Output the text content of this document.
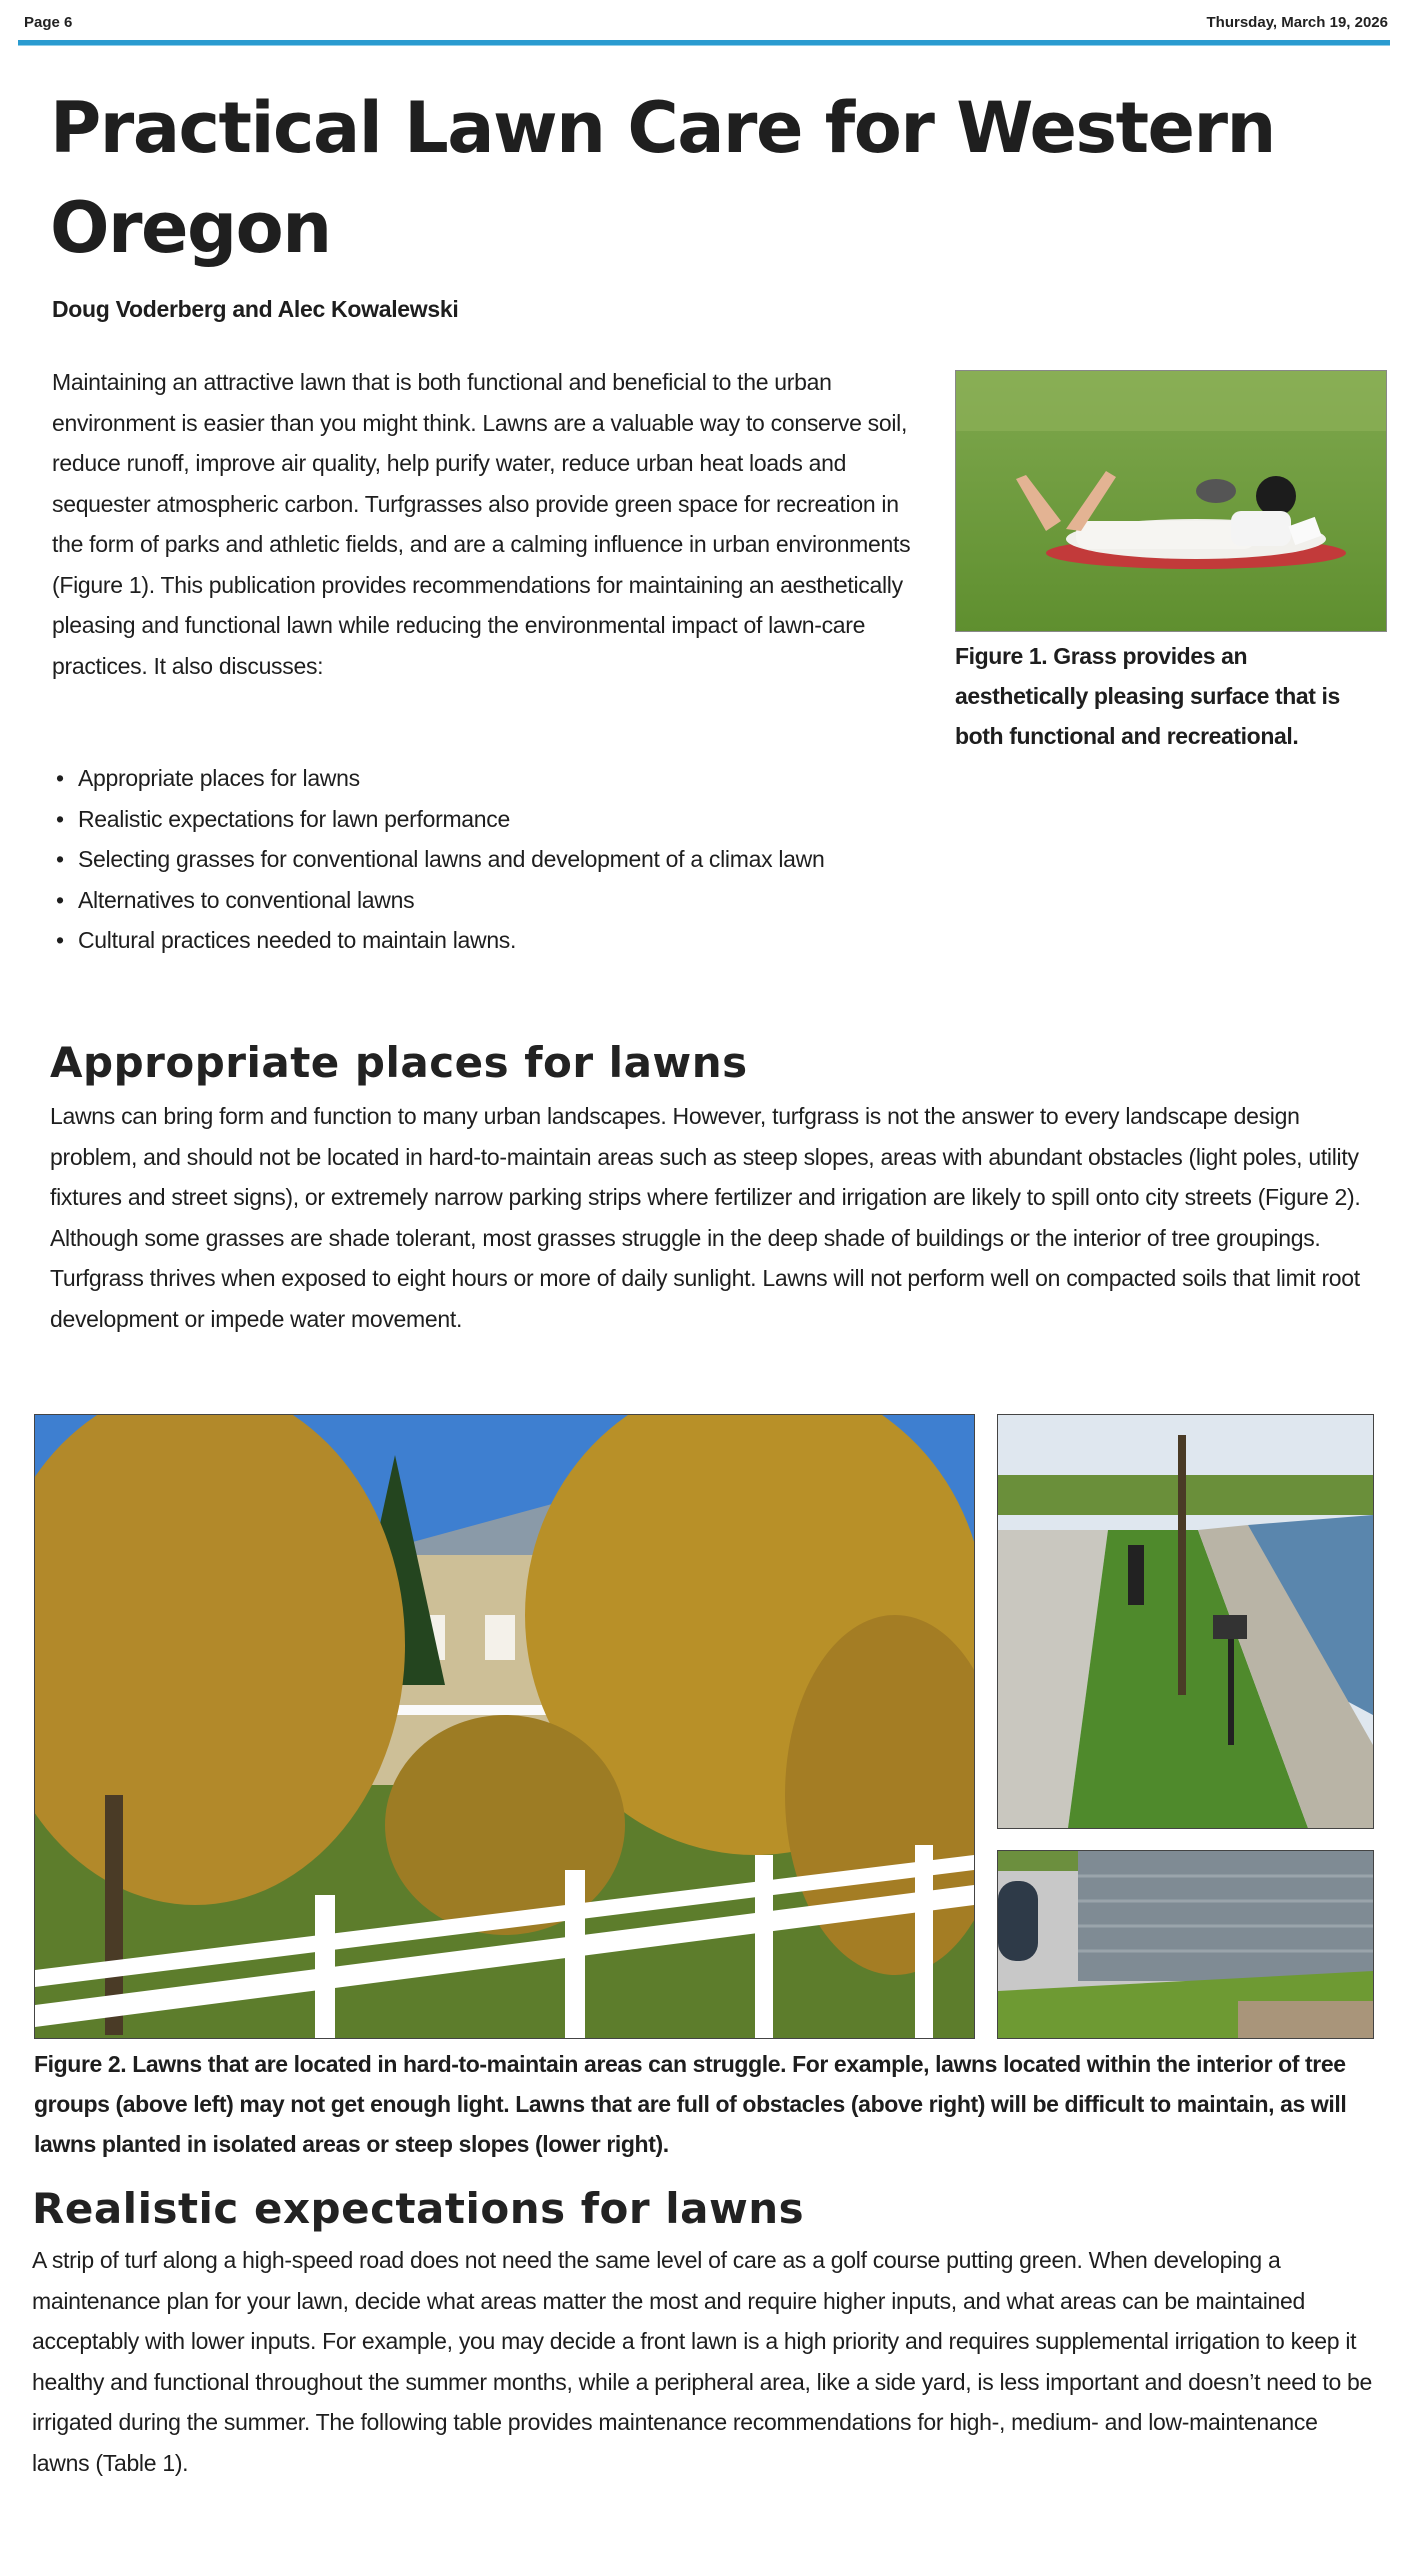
Page 6	Thursday, March 19, 2026
Practical Lawn Care for Western Oregon
Doug Voderberg and Alec Kowalewski

Maintaining an attractive lawn that is both functional and beneficial to the urban environment is easier than you might think. Lawns are a valuable way to conserve soil, reduce runoff, improve air quality, help purify water, reduce urban heat loads and sequester atmospheric carbon. Turfgrasses also provide green space for recreation in the form of parks and athletic fields, and are a calming influence in urban environments (Figure 1). This publication provides recommendations for maintaining an aesthetically pleasing and functional lawn while reducing the environmental impact of lawn-care practices. It also discusses:

• Appropriate places for lawns
• Realistic expectations for lawn performance
• Selecting grasses for conventional lawns and development of a climax lawn
• Alternatives to conventional lawns
• Cultural practices needed to maintain lawns.
Figure 1. Grass provides an aesthetically pleasing surface that is both functional and recreational.
Appropriate places for lawns

Lawns can bring form and function to many urban landscapes. However, turfgrass is not the answer to every landscape design problem, and should not be located in hard-to-maintain areas such as steep slopes, areas with abundant obstacles (light poles, utility fixtures and street signs), or extremely narrow parking strips where fertilizer and irrigation are likely to spill onto city streets (Figure 2). Although some grasses are shade tolerant, most grasses struggle in the deep shade of buildings or the interior of tree groupings. Turfgrass thrives when exposed to eight hours or more of daily sunlight. Lawns will not perform well on compacted soils that limit root development or impede water movement.

Figure 2. Lawns that are located in hard-to-maintain areas can struggle. For example, lawns located within the interior of tree groups (above left) may not get enough light. Lawns that are full of obstacles (above right) will be difficult to maintain, as will lawns planted in isolated areas or steep slopes (lower right).
Realistic expectations for lawns

A strip of turf along a high-speed road does not need the same level of care as a golf course putting green. When developing a maintenance plan for your lawn, decide what areas matter the most and require higher inputs, and what areas can be maintained acceptably with lower inputs. For example, you may decide a front lawn is a high priority and requires supplemental irrigation to keep it healthy and functional throughout the summer months, while a peripheral area, like a side yard, is less important and doesn’t need to be irrigated during the summer. The following table provides maintenance recommendations for high-, medium- and low-maintenance lawns (Table 1).
